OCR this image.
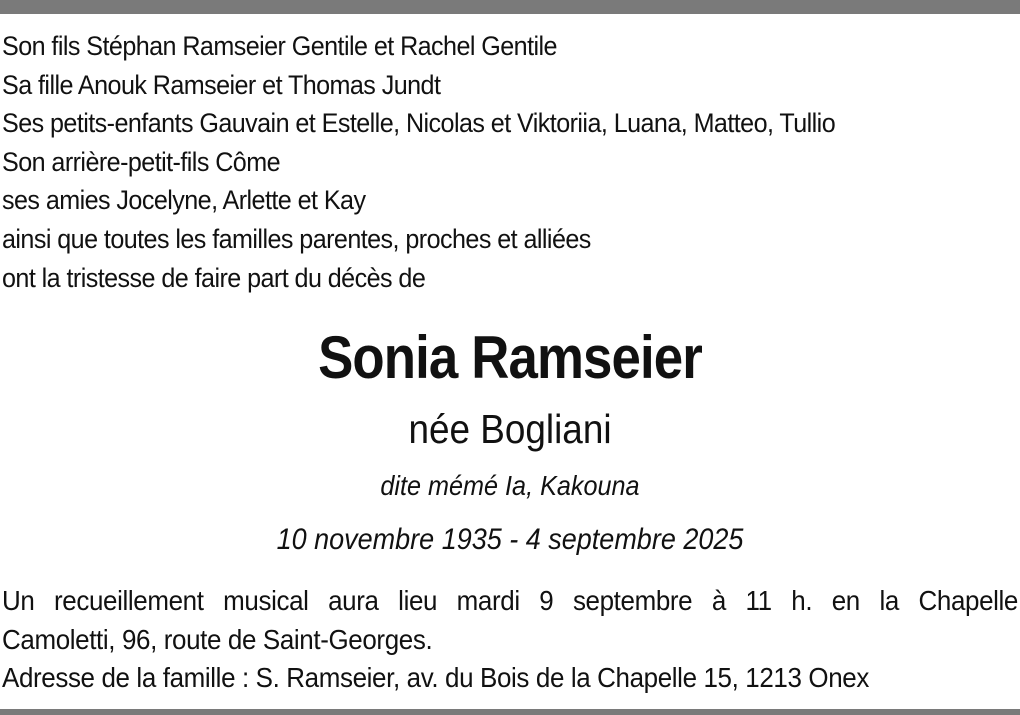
Son fils Stéphan Ramseier Gentile et Rachel Gentile
Sa fille Anouk Ramseier et Thomas Jundt
Ses petits-enfants Gauvain et Estelle, Nicolas et Viktoriia, Luana, Matteo, Tullio
Son arrière-petit-fils Côme
ses amies Jocelyne, Arlette et Kay
ainsi que toutes les familles parentes, proches et alliées
ont la tristesse de faire part du décès de
Sonia Ramseier
née Bogliani
dite mémé Ia, Kakouna
10 novembre 1935 - 4 septembre 2025
Un recueillement musical aura lieu mardi 9 septembre à 11 h. en la Chapelle
Camoletti, 96, route de Saint-Georges.
Adresse de la famille : S. Ramseier, av. du Bois de la Chapelle 15, 1213 Onex
